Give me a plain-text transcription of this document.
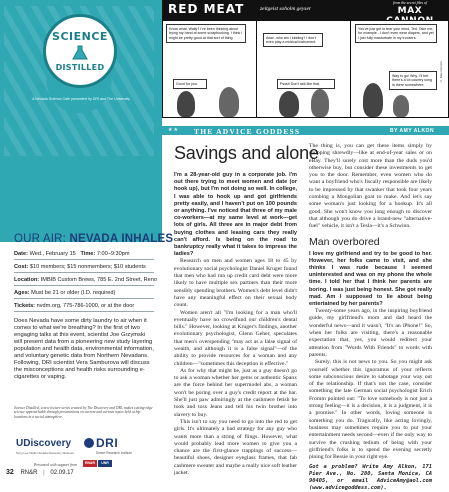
SCIENCE
DISTILLED
A Nevada Science Café presented by DRI and The University
OUR AIR: NEVADA INHALES
Date: Wed., February 15 Time: 7:00–9:30pm
Cost: $10 members; $15 nonmembers; $10 students
Location: IMBIB Custom Brews, 785 E. 2nd Street, Reno
Ages: Must be 21 or older (I.D. required)
Tickets: nvdm.org, 775-786-1000, or at the door
Does Nevada have some dirty laundry to air when it comes to what we're breathing? In the first of two engaging talks at this event, scientist Joe Grzymski will present data from a pioneering new study layering population and health data, environmental information, and voluntary genetic data from Northern Nevadans. Following, DRI scientist Vera Samburova will discuss the misconceptions and health risks surrounding e-cigarettes or vaping.
Science Distilled, a new lecture series created by The Discovery and DRI, makes cutting-edge science approachable through presentations on current and curious topics held at hip locations in a social atmosphere.
UDiscovery
Terry Lee Wells Nevada Discovery Museum
DRI
Desert Research Institute
Presented with support from	RN&R	UNR
32 RN&R | 02.09.17
RED MEAT	zeitgeist soholm geyser
from the secret files of
MAX
Know what, Wally? I've been thinking about trying my hand at some scrapbooking. I think I might be pretty good at that sort of thing.
Good for you.
Aww...who am I kidding? I don't even play a musical instrument.
Pssst! Don't talk like that.
You've just got to tear your mind, Ted. Take me, for example...I don't even wear diapers, and yet I just fully masturbate in my trousers.
Way to go! Why, I'll bet there's a lot country song in there somewhere.
© Max Cannon
★★ THE ADVICE GODDESS	BY AMY ALKON
Savings and alone

I'm a 28-year-old guy in a corporate job. I'm out there trying to meet women and date (or hook up), but I'm not doing so well. In college, I was able to hook up and got girlfriends pretty easily, and I haven't put on 100 pounds or anything. I've noticed that three of my male co-workers—at my same level at work—get lots of girls. All three are in major debt from buying clothes and leasing cars they really can't afford. Is being on the road to bankruptcy really what it takes to impress the ladies?

Research on men and women ages 18 to 45 by evolutionary social psychologist Daniel Kruger found that men who had run up credit card debt were more likely to have multiple sex partners than their more sensibly spending brothers. Women's debt level didn't have any meaningful effect on their sexual body count.

Women aren't all "I'm looking for a man who'll eventually have no crowdfund our children's dental bills." However, looking at Kruger's findings, another evolutionary psychologist, Glenn Geher, speculates that men's overspending "may act as a false signal of wealth, and although it is a false signal"—of the ability to provide resources for a woman and any children—"sometimes this deception is effective."

As for why that might be, just as a guy doesn't go to ask a woman whether her gems or authentic Spanx are the force behind her supermodel abs, a woman won't be poring over a guy's credit report at the bar. She'll just paw admiringly at the cashmere fetish he took and toss Jeans and tell his twin brother into slavery to buy.

This isn't to say you need to go into the red to get girls. It's ultimately a bad strategy for any guy who wants more than a string of flings. However, what would probably lead more women to give you a chance are the first-glance trappings of success—beautiful shoes, designer eyeglass frames, that fab cashmere sweater and maybe a really nice soft leather jacket.

The thing is, you can get these items simply by shopping shrewdly—like at end-of-year sales or on eBay. They'll surely cost more than the duds you'd otherwise buy, but consider these investments to get you to the door. Remember, even women who do want a boyfriend who's fiscally responsible are likely to be impressed by that swanker that took four years combing a Mongolian goat to make. And let's say some woman's just looking for a hookup. It's all good. She won't know you long enough to discover that although you do drive a brand-new "alternative-fuel" vehicle, it isn't a Tesla—it's a Schwinn.

Man overbored

I love my girlfriend and try to be good to her. However, her folks came to visit, and she thinks I was rude because I seemed uninterested and was on my phone the whole time. I told her that I think her parents are boring. I was just being honest. She got really mad. Am I supposed to lie about being entertained by her parents?

Twenty-some years ago, in the inspiring boyfriend guide, my girlfriend's mom and dad heard the wonderful news—and it wasn't, "It's an iPhone!" So, when her folks are visiting, there's a reasonable expectation that, yes, you would redirect your attention from "Words With Friends" to words with parents.

Surely, this is not news to you. So you might ask yourself whether this ignoramus of your reflects some subconscious desire to sabotage your way out of the relationship. If that's not the case, consider something the late German social psychologist Erich Fromm pointed out: "To love somebody is not just a strong feeling—it is a decision, it is a judgment, it is a promise." In other words, loving someone is something you do. Tragically, like acting lovingly, business may sometimes require you to put your entertainment needs second—even if the only way to survive the crushing tedium of being with your girlfriend's folks is to spend the evening secretly pining for Bessie in your right eye.

Got a problem? Write Amy Alkon, 171 Pier Ave., No. 280, Santa Monica, CA 90405, or email AdviceAmy@aol.com (www.advicegoddess.com).
